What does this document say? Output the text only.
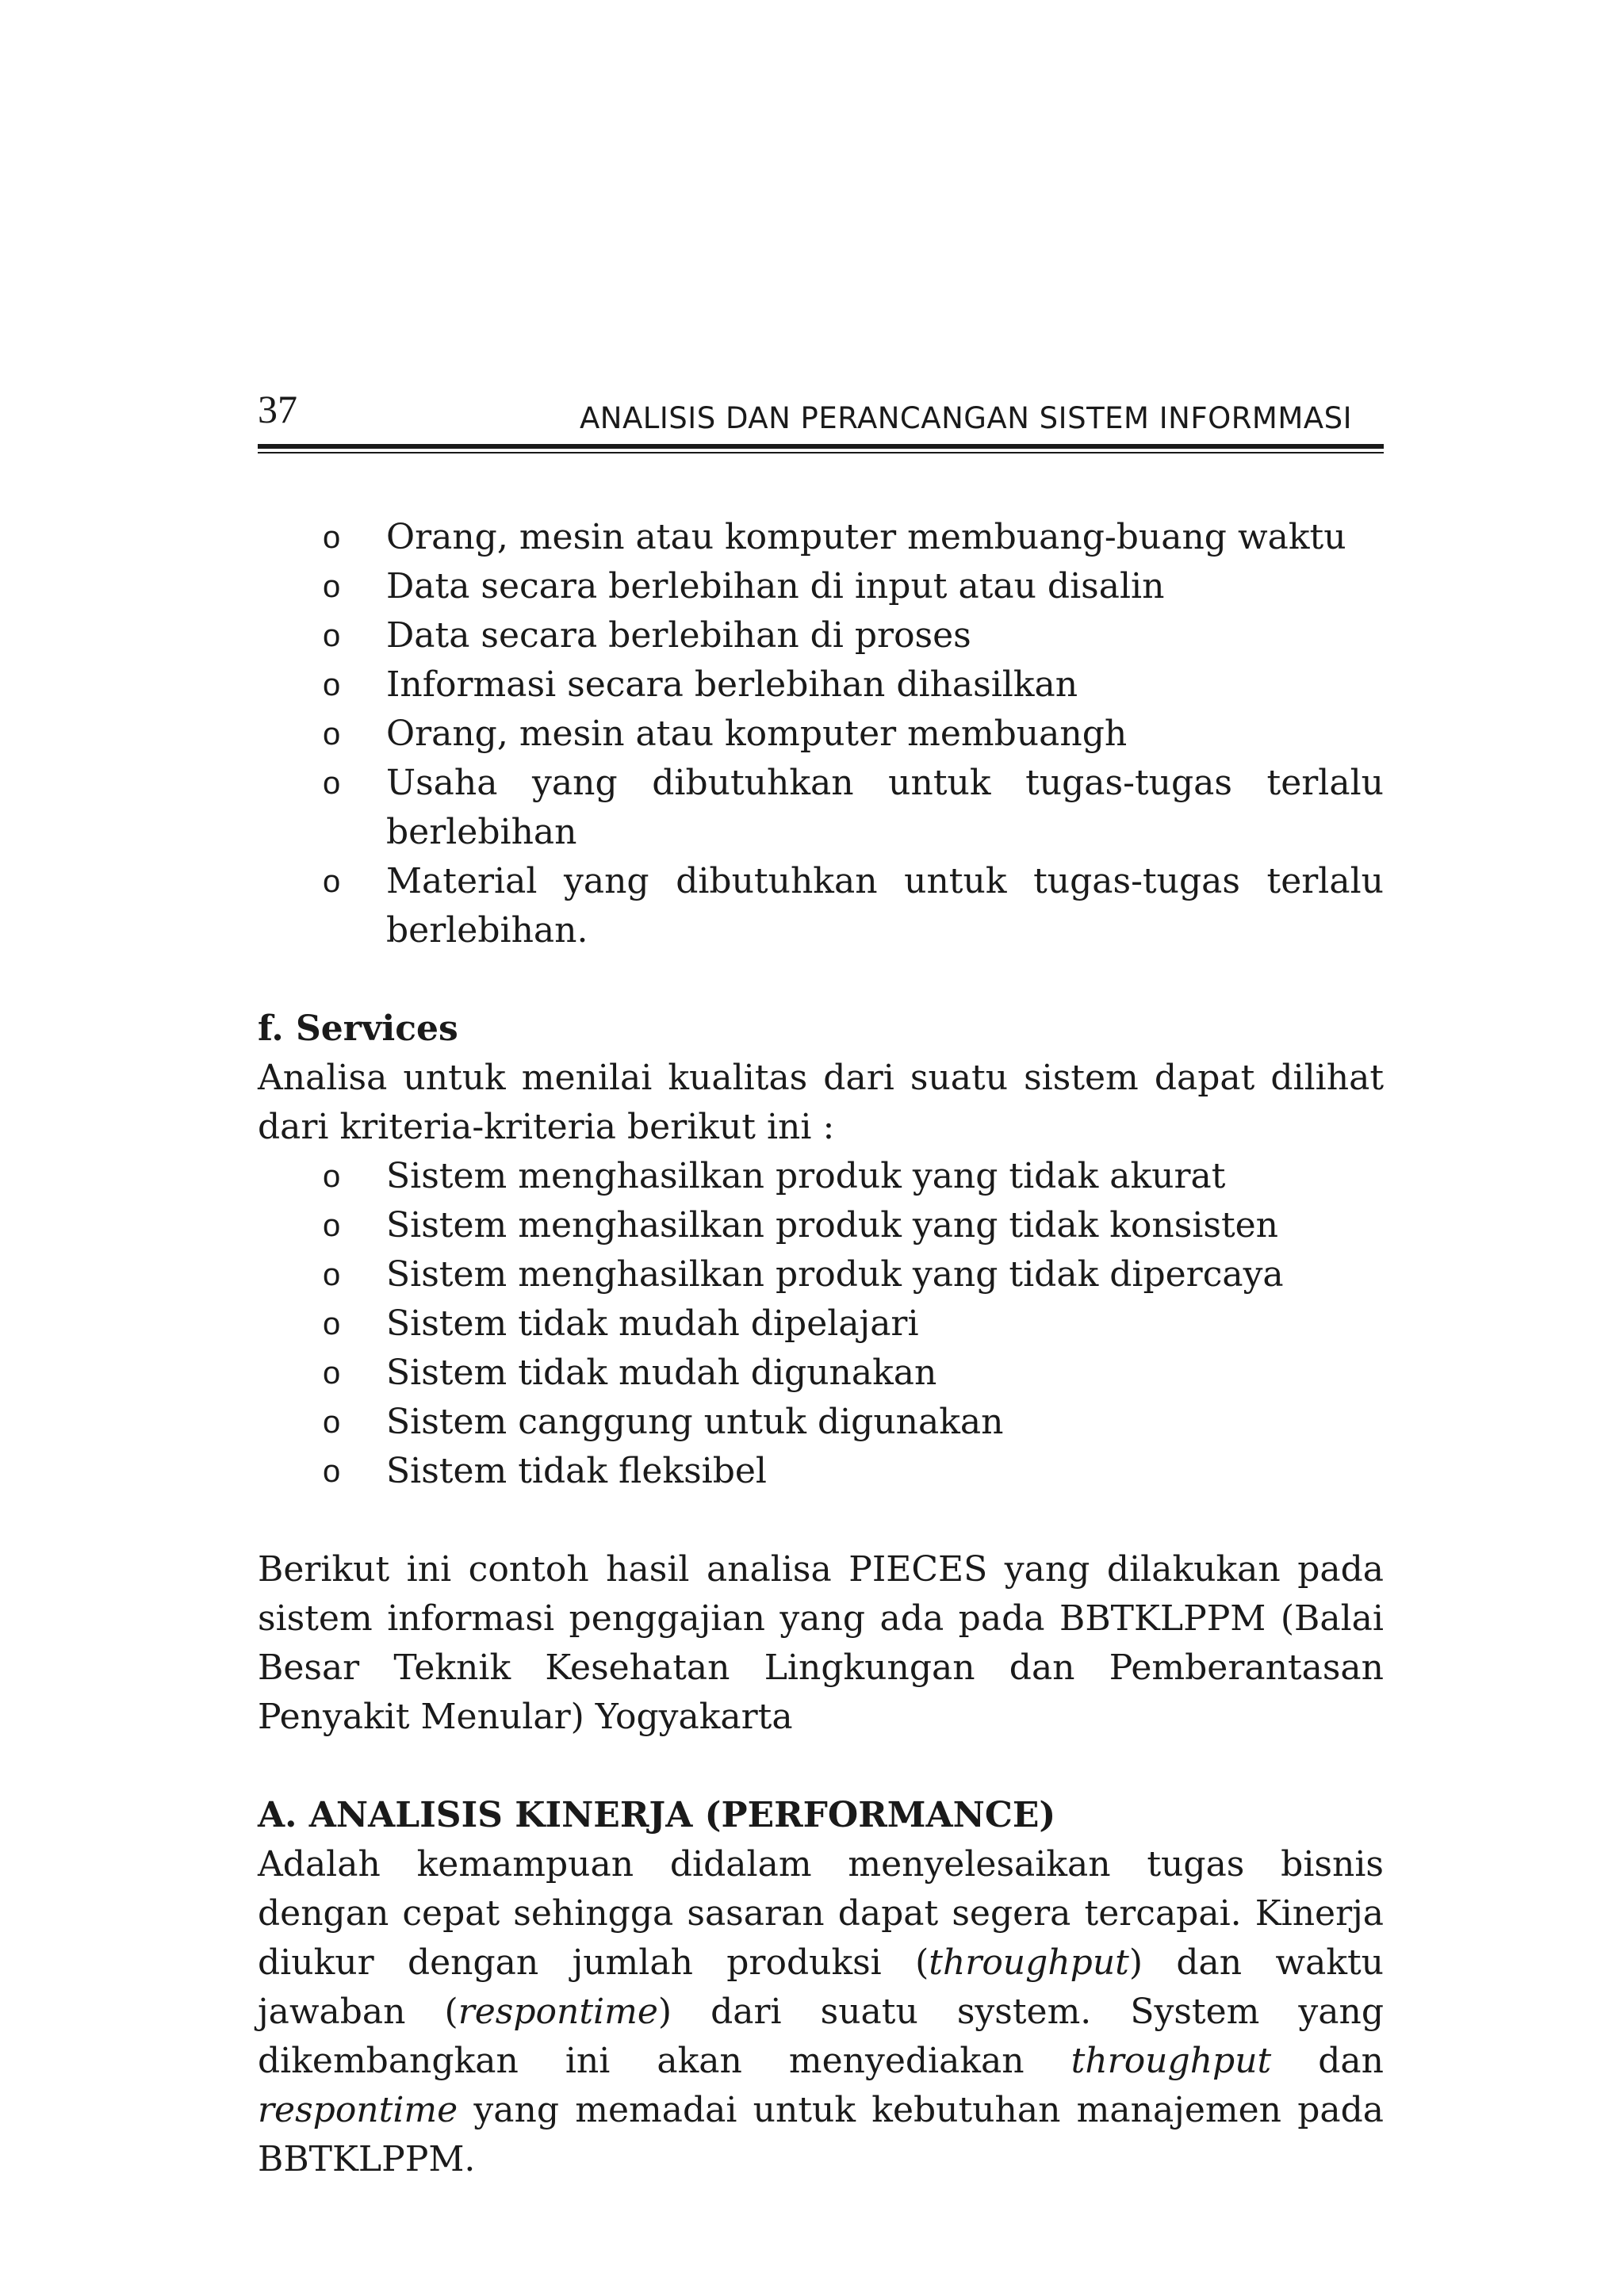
37	ANALISIS DAN PERANCANGAN SISTEM INFORMMASI
o Orang, mesin atau komputer membuang-buang waktu
o Data secara berlebihan di input atau disalin
o Data secara berlebihan di proses
o Informasi secara berlebihan dihasilkan
o Orang, mesin atau komputer membuangh
o Usaha yang dibutuhkan untuk tugas-tugas terlalu berlebihan
o Material yang dibutuhkan untuk tugas-tugas terlalu berlebihan.

f. Services

Analisa untuk menilai kualitas dari suatu sistem dapat dilihat dari kriteria-kriteria berikut ini :

o Sistem menghasilkan produk yang tidak akurat
o Sistem menghasilkan produk yang tidak konsisten
o Sistem menghasilkan produk yang tidak dipercaya
o Sistem tidak mudah dipelajari
o Sistem tidak mudah digunakan
o Sistem canggung untuk digunakan
o Sistem tidak fleksibel

Berikut ini contoh hasil analisa PIECES yang dilakukan pada sistem informasi penggajian yang ada pada BBTKLPPM (Balai Besar Teknik Kesehatan Lingkungan dan Pemberantasan Penyakit Menular) Yogyakarta

A. ANALISIS KINERJA (PERFORMANCE)

Adalah kemampuan didalam menyelesaikan tugas bisnis dengan cepat sehingga sasaran dapat segera tercapai. Kinerja diukur dengan jumlah produksi (throughput) dan waktu jawaban (respontime) dari suatu system. System yang dikembangkan ini akan menyediakan throughput dan respontime yang memadai untuk kebutuhan manajemen pada BBTKLPPM.
